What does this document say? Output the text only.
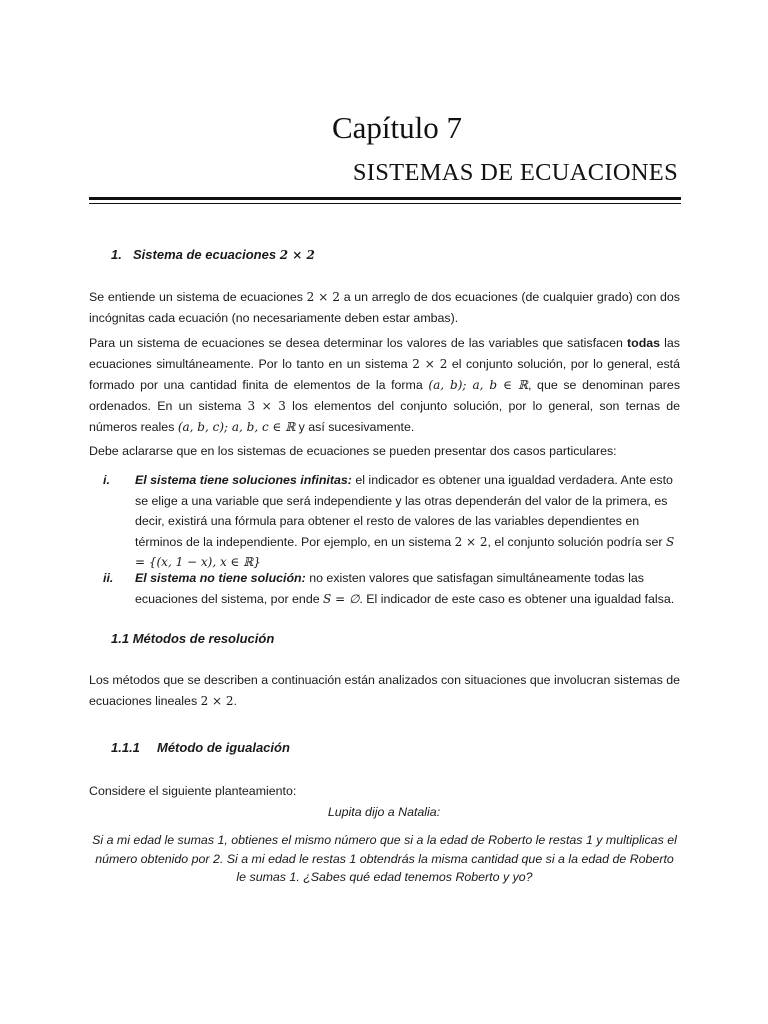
Capítulo 7
SISTEMAS DE ECUACIONES
1. Sistema de ecuaciones 2 × 2
Se entiende un sistema de ecuaciones 2 × 2 a un arreglo de dos ecuaciones (de cualquier grado) con dos incógnitas cada ecuación (no necesariamente deben estar ambas).
Para un sistema de ecuaciones se desea determinar los valores de las variables que satisfacen todas las ecuaciones simultáneamente. Por lo tanto en un sistema 2 × 2 el conjunto solución, por lo general, está formado por una cantidad finita de elementos de la forma (a, b); a, b ∈ ℝ, que se denominan pares ordenados. En un sistema 3 × 3 los elementos del conjunto solución, por lo general, son ternas de números reales (a, b, c); a, b, c ∈ ℝ y así sucesivamente.
Debe aclararse que en los sistemas de ecuaciones se pueden presentar dos casos particulares:
i. El sistema tiene soluciones infinitas: el indicador es obtener una igualdad verdadera. Ante esto se elige a una variable que será independiente y las otras dependerán del valor de la primera, es decir, existirá una fórmula para obtener el resto de valores de las variables dependientes en términos de la independiente. Por ejemplo, en un sistema 2 × 2, el conjunto solución podría ser S = {(x, 1 − x), x ∈ ℝ}
ii. El sistema no tiene solución: no existen valores que satisfagan simultáneamente todas las ecuaciones del sistema, por ende S = ∅. El indicador de este caso es obtener una igualdad falsa.
1.1 Métodos de resolución
Los métodos que se describen a continuación están analizados con situaciones que involucran sistemas de ecuaciones lineales 2 × 2.
1.1.1 Método de igualación
Considere el siguiente planteamiento:
Lupita dijo a Natalia:
Si a mi edad le sumas 1, obtienes el mismo número que si a la edad de Roberto le restas 1 y multiplicas el número obtenido por 2. Si a mi edad le restas 1 obtendrás la misma cantidad que si a la edad de Roberto le sumas 1. ¿Sabes qué edad tenemos Roberto y yo?
